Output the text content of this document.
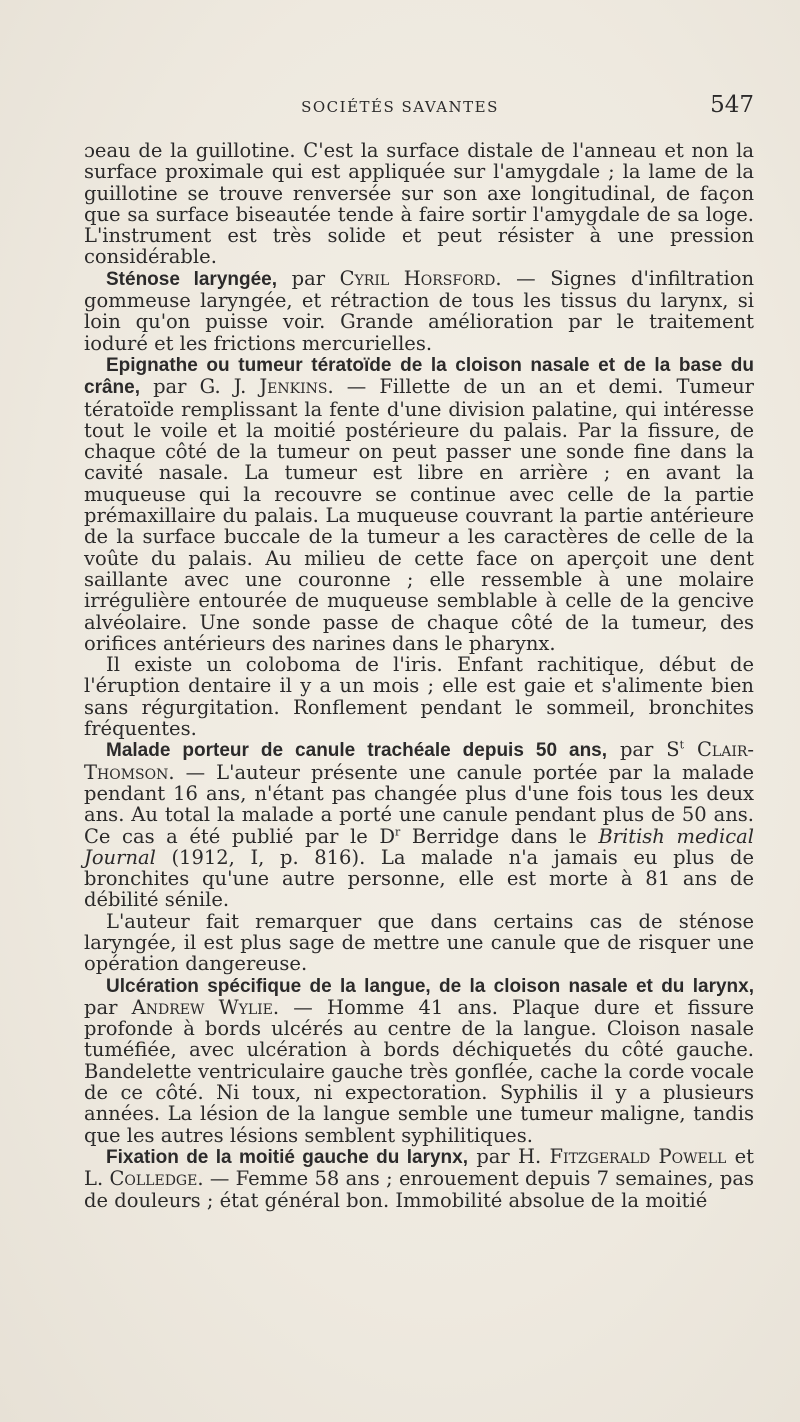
SOCIÉTÉS SAVANTES	547

ɔeau de la guillotine. C'est la surface distale de l'anneau et non la surface proximale qui est appliquée sur l'amygdale ; la lame de la guillotine se trouve renversée sur son axe longitudinal, de façon que sa surface biseautée tende à faire sortir l'amygdale de sa loge. L'instrument est très solide et peut résister à une pression considérable.

Sténose laryngée, par Cyril Horsford. — Signes d'infiltration gommeuse laryngée, et rétraction de tous les tissus du larynx, si loin qu'on puisse voir. Grande amélioration par le traitement ioduré et les frictions mercurielles.

Epignathe ou tumeur tératoïde de la cloison nasale et de la base du crâne, par G. J. Jenkins. — Fillette de un an et demi. Tumeur tératoïde remplissant la fente d'une division palatine, qui intéresse tout le voile et la moitié postérieure du palais. Par la fissure, de chaque côté de la tumeur on peut passer une sonde fine dans la cavité nasale. La tumeur est libre en arrière ; en avant la muqueuse qui la recouvre se continue avec celle de la partie prémaxillaire du palais. La muqueuse couvrant la partie antérieure de la surface buccale de la tumeur a les caractères de celle de la voûte du palais. Au milieu de cette face on aperçoit une dent saillante avec une couronne ; elle ressemble à une molaire irrégulière entourée de muqueuse semblable à celle de la gencive alvéolaire. Une sonde passe de chaque côté de la tumeur, des orifices antérieurs des narines dans le pharynx.

Il existe un coloboma de l'iris. Enfant rachitique, début de l'éruption dentaire il y a un mois ; elle est gaie et s'alimente bien sans régurgitation. Ronflement pendant le sommeil, bronchites fréquentes.

Malade porteur de canule trachéale depuis 50 ans, par $S^t$ Clair-Thomson. — L'auteur présente une canule portée par la malade pendant 16 ans, n'étant pas changée plus d'une fois tous les deux ans. Au total la malade a porté une canule pendant plus de 50 ans. Ce cas a été publié par le $D^r$ Berridge dans le British medical Journal (1912, I, p. 816). La malade n'a jamais eu plus de bronchites qu'une autre personne, elle est morte à 81 ans de débilité sénile.

L'auteur fait remarquer que dans certains cas de sténose laryngée, il est plus sage de mettre une canule que de risquer une opération dangereuse.

Ulcération spécifique de la langue, de la cloison nasale et du larynx, par Andrew Wylie. — Homme 41 ans. Plaque dure et fissure profonde à bords ulcérés au centre de la langue. Cloison nasale tuméfiée, avec ulcération à bords déchiquetés du côté gauche. Bandelette ventriculaire gauche très gonflée, cache la corde vocale de ce côté. Ni toux, ni expectoration. Syphilis il y a plusieurs années. La lésion de la langue semble une tumeur maligne, tandis que les autres lésions semblent syphilitiques.

Fixation de la moitié gauche du larynx, par H. Fitzgerald Powell et L. Colledge. — Femme 58 ans ; enrouement depuis 7 semaines, pas de douleurs ; état général bon. Immobilité absolue de la moitié
